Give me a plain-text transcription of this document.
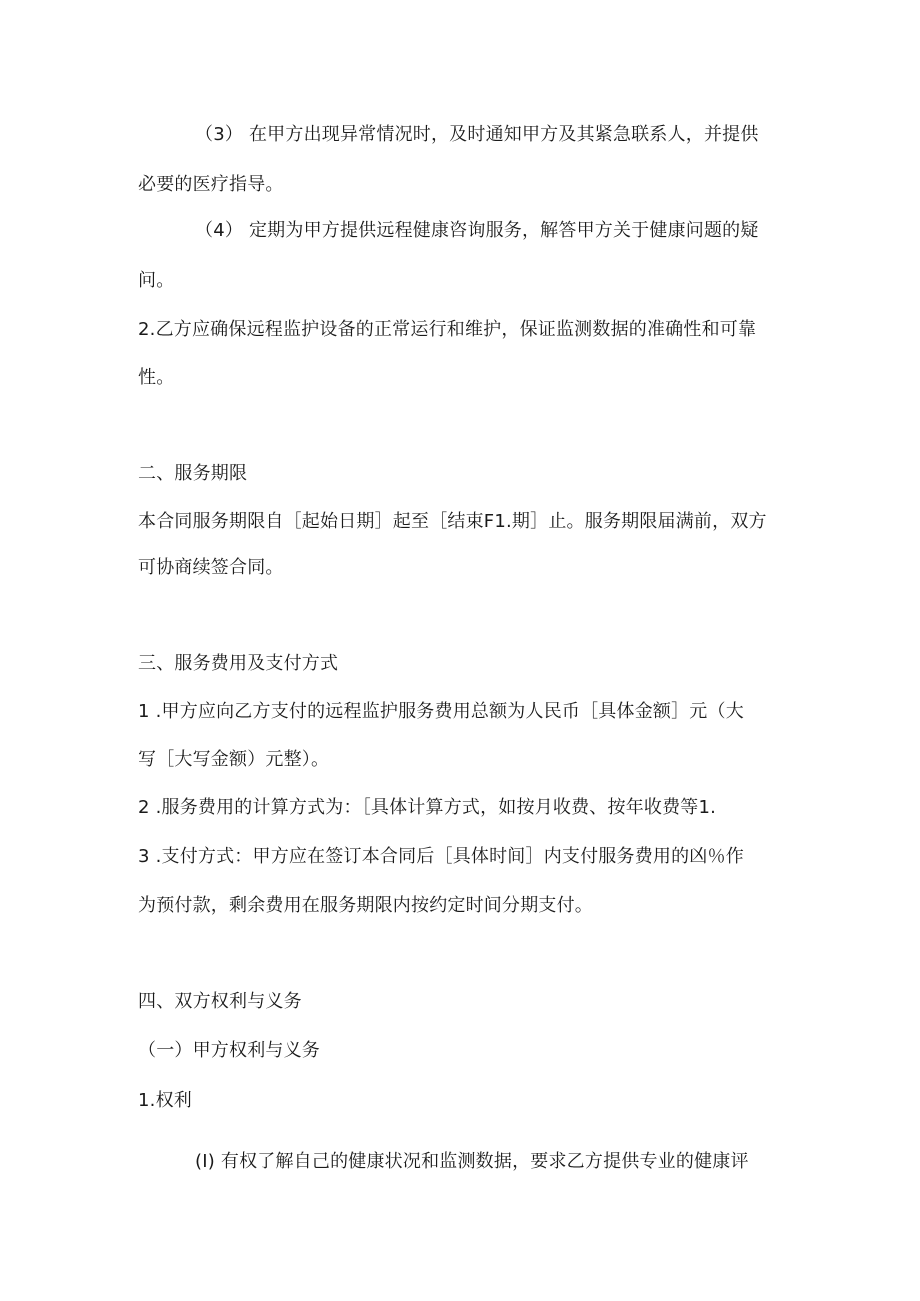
（3） 在甲方出现异常情况时，及时通知甲方及其紧急联系人，并提供
必要的医疗指导。
（4） 定期为甲方提供远程健康咨询服务，解答甲方关于健康问题的疑
问。
2.乙方应确保远程监护设备的正常运行和维护，保证监测数据的准确性和可靠
性。
二、服务期限
本合同服务期限自［起始日期］起至［结束F1.期］止。服务期限届满前，双方
可协商续签合同。
三、服务费用及支付方式
1 .甲方应向乙方支付的远程监护服务费用总额为人民币［具体金额］元（大
写［大写金额）元整）。
2 .服务费用的计算方式为：［具体计算方式，如按月收费、按年收费等1.
3 .支付方式：甲方应在签订本合同后［具体时间］内支付服务费用的凶％作
为预付款，剩余费用在服务期限内按约定时间分期支付。
四、双方权利与义务
（一）甲方权利与义务
1.权利
(I) 有权了解自己的健康状况和监测数据，要求乙方提供专业的健康评
